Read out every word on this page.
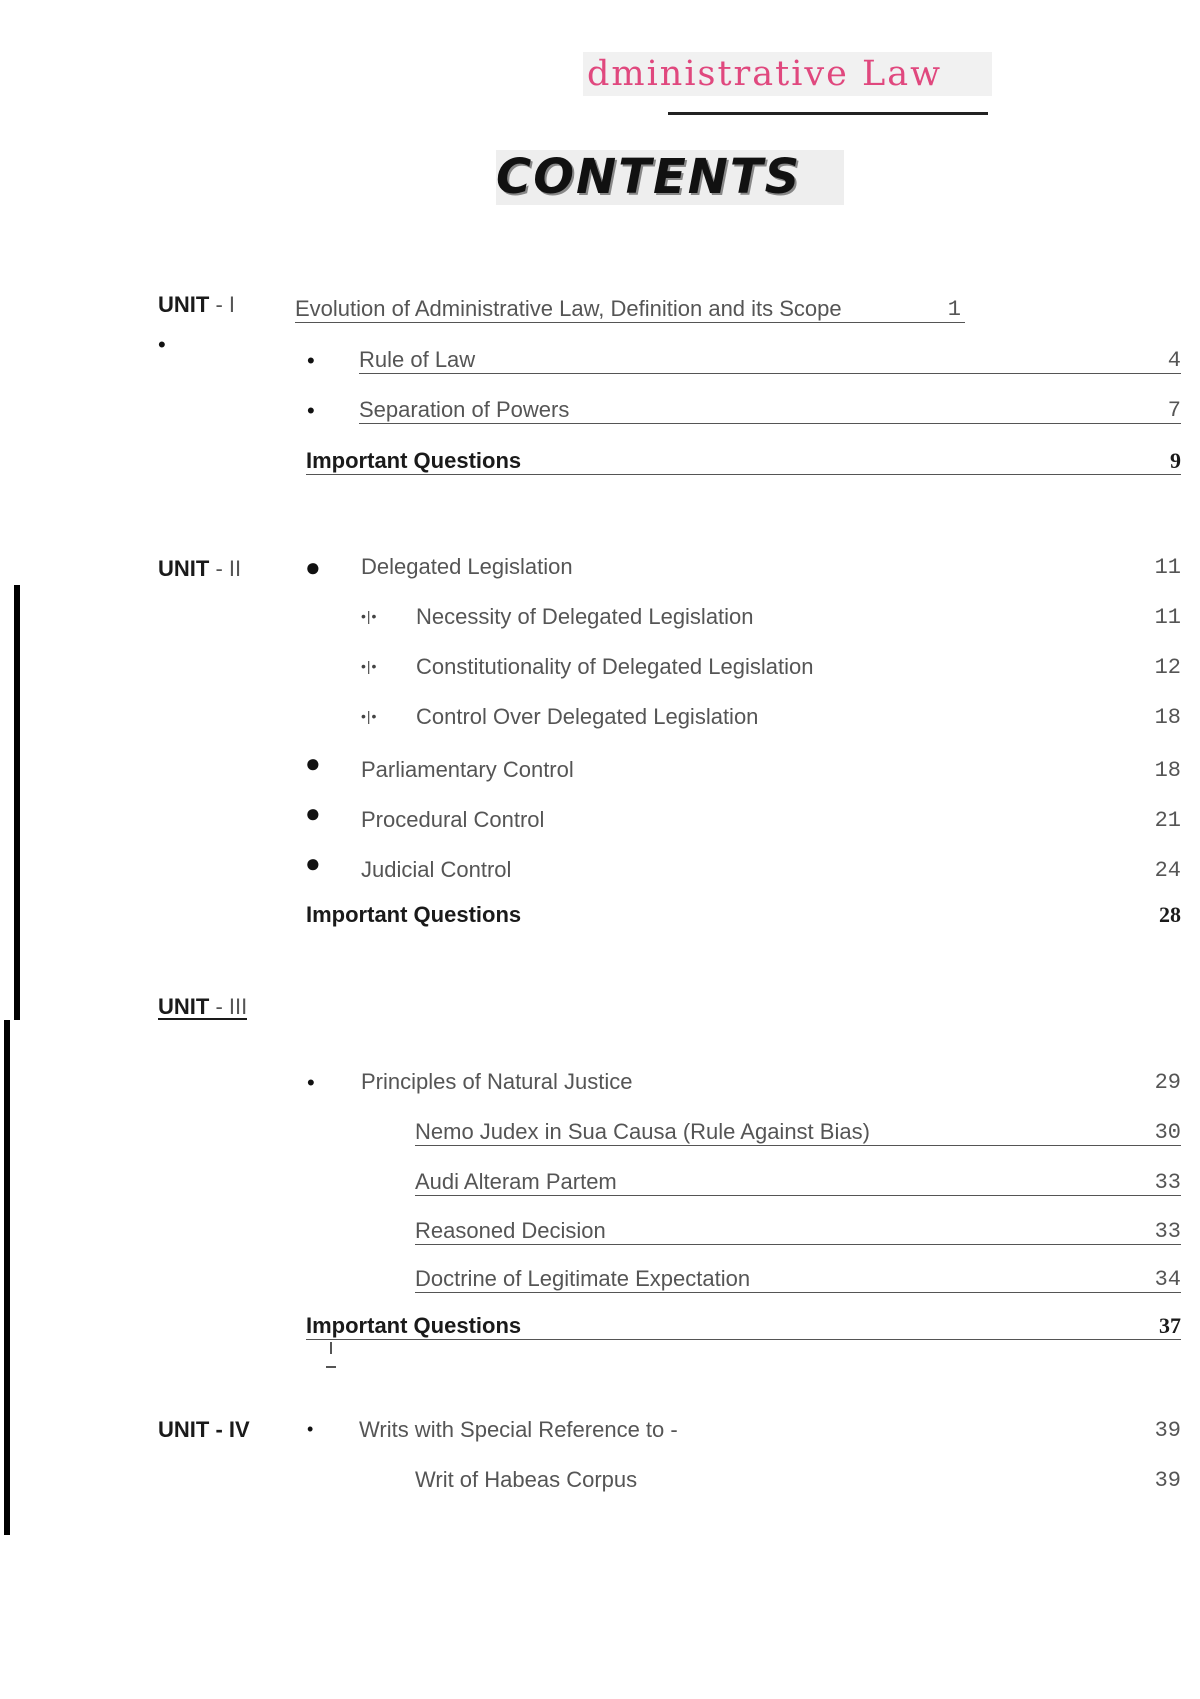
dministrative Law
CONTENTS
UNIT - I
•
Evolution of Administrative Law, Definition and its Scope	1
• Rule of Law	4
• Separation of Powers	7
Important Questions	9
UNIT - II ● Delegated Legislation	11
•|• Necessity of Delegated Legislation	11
•|• Constitutionality of Delegated Legislation	12
•|• Control Over Delegated Legislation	18
● Parliamentary Control	18
● Procedural Control	21
● Judicial Control	24
Important Questions	28
UNIT - III
• Principles of Natural Justice	29
Nemo Judex in Sua Causa (Rule Against Bias)	30
Audi Alteram Partem	33
Reasoned Decision	33
Doctrine of Legitimate Expectation	34
Important Questions	37
UNIT - IV	• Writs with Special Reference to -	39
Writ of Habeas Corpus	39
